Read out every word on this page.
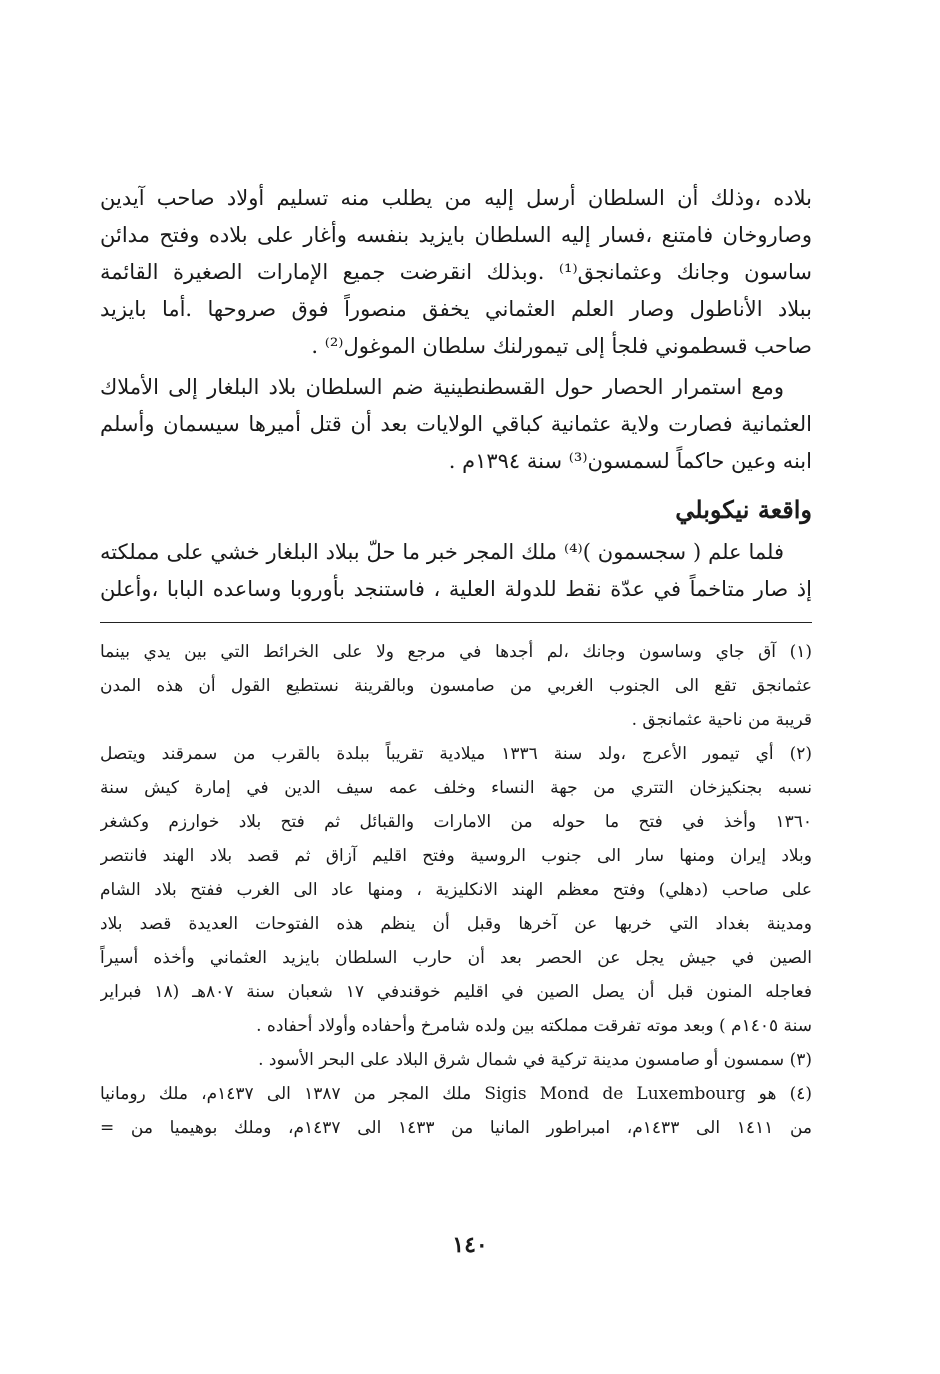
بلاده ،وذلك أن السلطان أرسل إليه من يطلب منه تسليم أولاد صاحب آيدين
وصاروخان فامتنع ،فسار إليه السلطان بايزيد بنفسه وأغار على بلاده وفتح مدائن
ساسون وجانك وعثمانجق⁽¹⁾ .وبذلك انقرضت جميع الإمارات الصغيرة القائمة
ببلاد الأناطول وصار العلم العثماني يخفق منصوراً فوق صروحها .أما بايزيد
صاحب قسطموني فلجأ إلى تيمورلنك سلطان الموغول⁽²⁾ .
ومع استمرار الحصار حول القسطنطينية ضم السلطان بلاد البلغار إلى الأملاك
العثمانية فصارت ولاية عثمانية كباقي الولايات بعد أن قتل أميرها سيسمان وأسلم
ابنه وعين حاكماً لسمسون⁽³⁾ سنة ١٣٩٤م .
واقعة نيكوبلي
فلما علم ( سجسمون )⁽⁴⁾ ملك المجر خبر ما حلّ ببلاد البلغار خشي على مملكته
إذ صار متاخماً في عدّة نقط للدولة العلية ، فاستنجد بأوروبا وساعده البابا ،وأعلن
(١) آق جاي وساسون وجانك ،لم أجدها في مرجع ولا على الخرائط التي بين يدي بينما
عثمانجق تقع الى الجنوب الغربي من صامسون وبالقرينة نستطيع القول أن هذه المدن
قريبة من ناحية عثمانجق .
(٢) أي تيمور الأعرج ،ولد سنة ١٣٣٦ ميلادية تقريباً ببلدة بالقرب من سمرقند ويتصل
نسبه بجنكيزخان التتري من جهة النساء وخلف عمه سيف الدين في إمارة كيش سنة
١٣٦٠ وأخذ في فتح ما حوله من الامارات والقبائل ثم فتح بلاد خوارزم وكشغر
وبلاد إيران ومنها سار الى جنوب الروسية وفتح اقليم آزاق ثم قصد بلاد الهند فانتصر
على صاحب (دهلي) وفتح معظم الهند الانكليزية ، ومنها عاد الى الغرب ففتح بلاد الشام
ومدينة بغداد التي خربها عن آخرها وقبل أن ينظم هذه الفتوحات العديدة قصد بلاد
الصين في جيش يجل عن الحصر بعد أن حارب السلطان بايزيد العثماني وأخذه أسيراً
فعاجله المنون قبل أن يصل الصين في اقليم خوقندفي ١٧ شعبان سنة ٨٠٧هـ (١٨ فبراير
سنة ١٤٠٥م ) وبعد موته تفرقت مملكته بين ولده شامرخ وأحفاده وأولاد أحفاده .
(٣) سمسون أو صامسون مدينة تركية في شمال شرق البلاد على البحر الأسود .
(٤) هو Sigis Mond de Luxembourg ملك المجر من ١٣٨٧ الى ١٤٣٧م، ملك رومانيا
من ١٤١١ الى ١٤٣٣م، امبراطور المانيا من ١٤٣٣ الى ١٤٣٧م، وملك بوهيميا من =
١٤٠
